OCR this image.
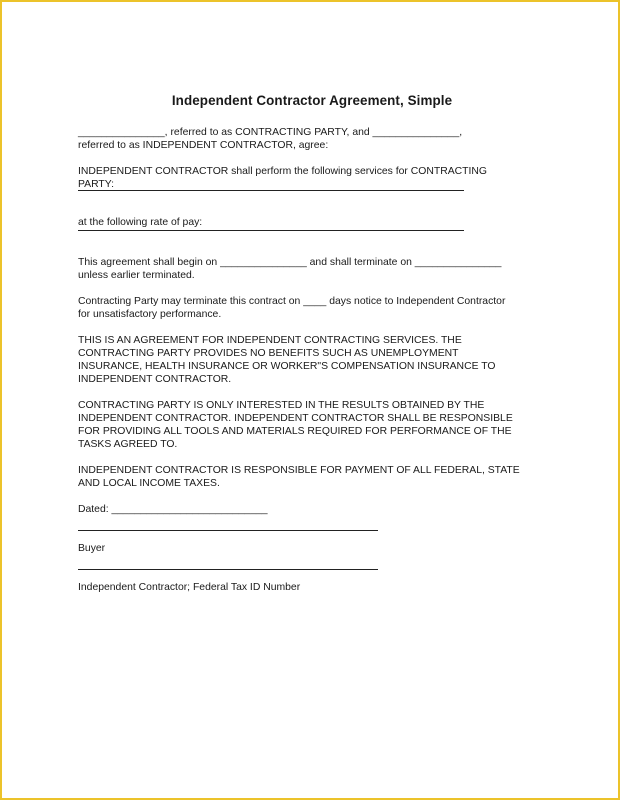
Independent Contractor Agreement, Simple

_______________, referred to as CONTRACTING PARTY, and _______________,

referred to as INDEPENDENT CONTRACTOR, agree:

INDEPENDENT CONTRACTOR shall perform the following services for CONTRACTING

PARTY:

at the following rate of pay:

This agreement shall begin on _______________ and shall terminate on _______________

unless earlier terminated.

Contracting Party may terminate this contract on ____ days notice to Independent Contractor

for unsatisfactory performance.

THIS IS AN AGREEMENT FOR INDEPENDENT CONTRACTING SERVICES. THE

CONTRACTING PARTY PROVIDES NO BENEFITS SUCH AS UNEMPLOYMENT

INSURANCE, HEALTH INSURANCE OR WORKER"S COMPENSATION INSURANCE TO

INDEPENDENT CONTRACTOR.

CONTRACTING PARTY IS ONLY INTERESTED IN THE RESULTS OBTAINED BY THE

INDEPENDENT CONTRACTOR. INDEPENDENT CONTRACTOR SHALL BE RESPONSIBLE

FOR PROVIDING ALL TOOLS AND MATERIALS REQUIRED FOR PERFORMANCE OF THE

TASKS AGREED TO.

INDEPENDENT CONTRACTOR IS RESPONSIBLE FOR PAYMENT OF ALL FEDERAL, STATE

AND LOCAL INCOME TAXES.

Dated: ___________________________

Buyer

Independent Contractor; Federal Tax ID Number
